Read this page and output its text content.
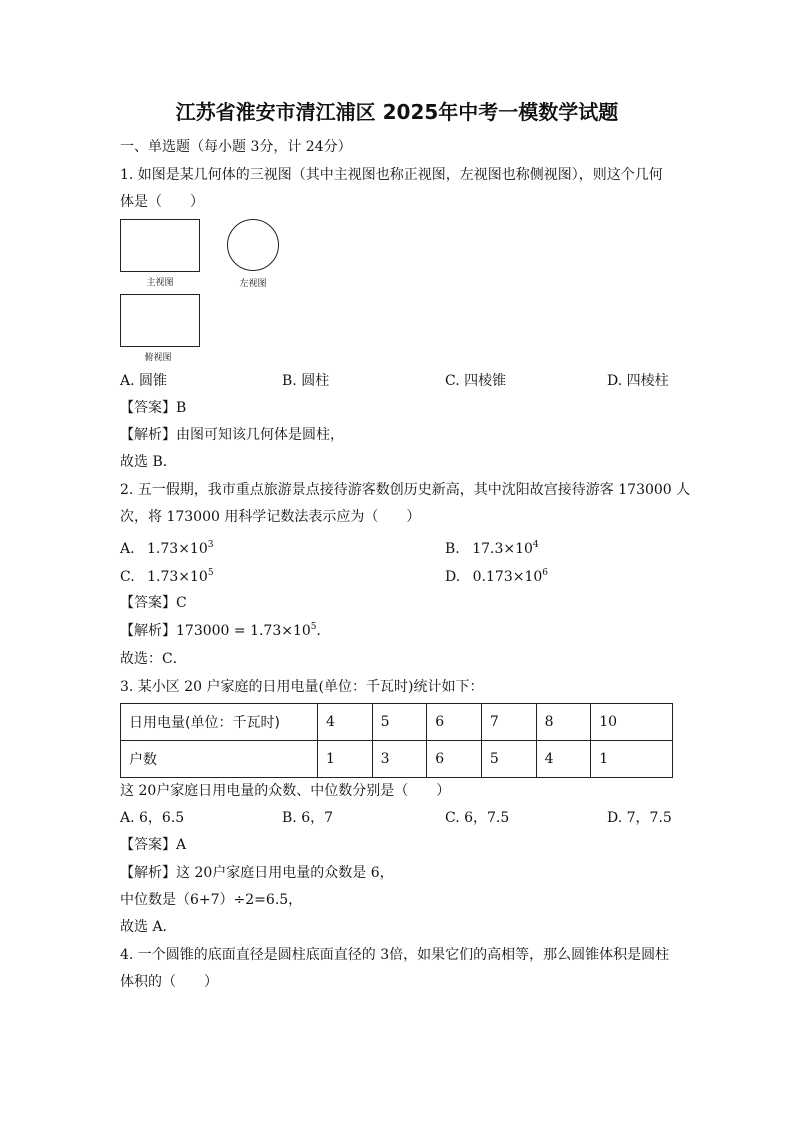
江苏省淮安市清江浦区 2025年中考一模数学试题
一、单选题（每小题 3分，计 24分）
1. 如图是某几何体的三视图（其中主视图也称正视图，左视图也称侧视图），则这个几何
体是（　　）
主视图	左视图
俯视图
A. 圆锥	B. 圆柱	C. 四棱锥	D. 四棱柱
【答案】B
【解析】由图可知该几何体是圆柱，
故选 B．
2. 五一假期，我市重点旅游景点接待游客数创历史新高，其中沈阳故宫接待游客 173000 人
次，将 173000 用科学记数法表示应为（　　）
A. $1.73\times 10^3$	B. $17.3\times 10^4$
C. $1.73\times 10^5$	D. $0.173\times 10^6$
【答案】C
【解析】$173000 = 1.73\times 10^5$．
故选：C．
3. 某小区 20 户家庭的日用电量(单位：千瓦时)统计如下：
日用电量(单位：千瓦时)	4	5	6	7	8	10
户数	1	3	6	5	4	1
这 20户家庭日用电量的众数、中位数分别是（　　）
A. 6，6.5	B. 6，7	C. 6，7.5	D. 7，7.5
【答案】A
【解析】这 20户家庭日用电量的众数是 6，
中位数是（6+7）÷2=6.5，
故选 A．
4. 一个圆锥的底面直径是圆柱底面直径的 3倍，如果它们的高相等，那么圆锥体积是圆柱
体积的（　　）
